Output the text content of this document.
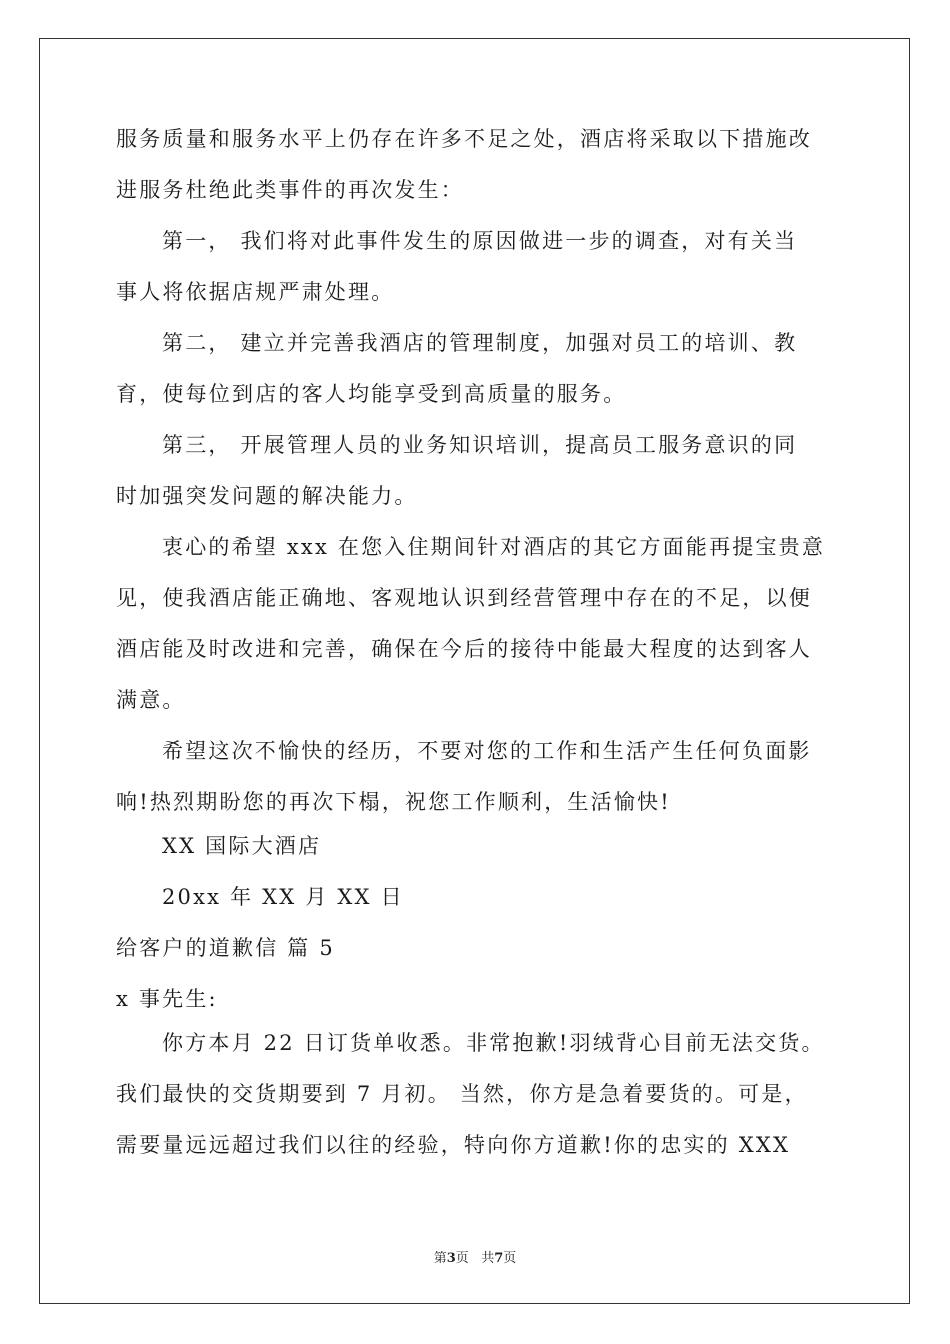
服务质量和服务水平上仍存在许多不足之处，酒店将采取以下措施改
进服务杜绝此类事件的再次发生：
第一， 我们将对此事件发生的原因做进一步的调查，对有关当
事人将依据店规严肃处理。
第二， 建立并完善我酒店的管理制度，加强对员工的培训、教
育，使每位到店的客人均能享受到高质量的服务。
第三， 开展管理人员的业务知识培训，提高员工服务意识的同
时加强突发问题的解决能力。
衷心的希望 xxx 在您入住期间针对酒店的其它方面能再提宝贵意
见，使我酒店能正确地、客观地认识到经营管理中存在的不足，以便
酒店能及时改进和完善，确保在今后的接待中能最大程度的达到客人
满意。
希望这次不愉快的经历，不要对您的工作和生活产生任何负面影
响!热烈期盼您的再次下榻，祝您工作顺利，生活愉快!
XX 国际大酒店
20xx 年 XX 月 XX 日
给客户的道歉信 篇 5
x 事先生:
你方本月 22 日订货单收悉。非常抱歉!羽绒背心目前无法交货。
我们最快的交货期要到 7 月初。 当然，你方是急着要货的。可是，
需要量远远超过我们以往的经验，特向你方道歉!你的忠实的 XXX
第3页 共7页
